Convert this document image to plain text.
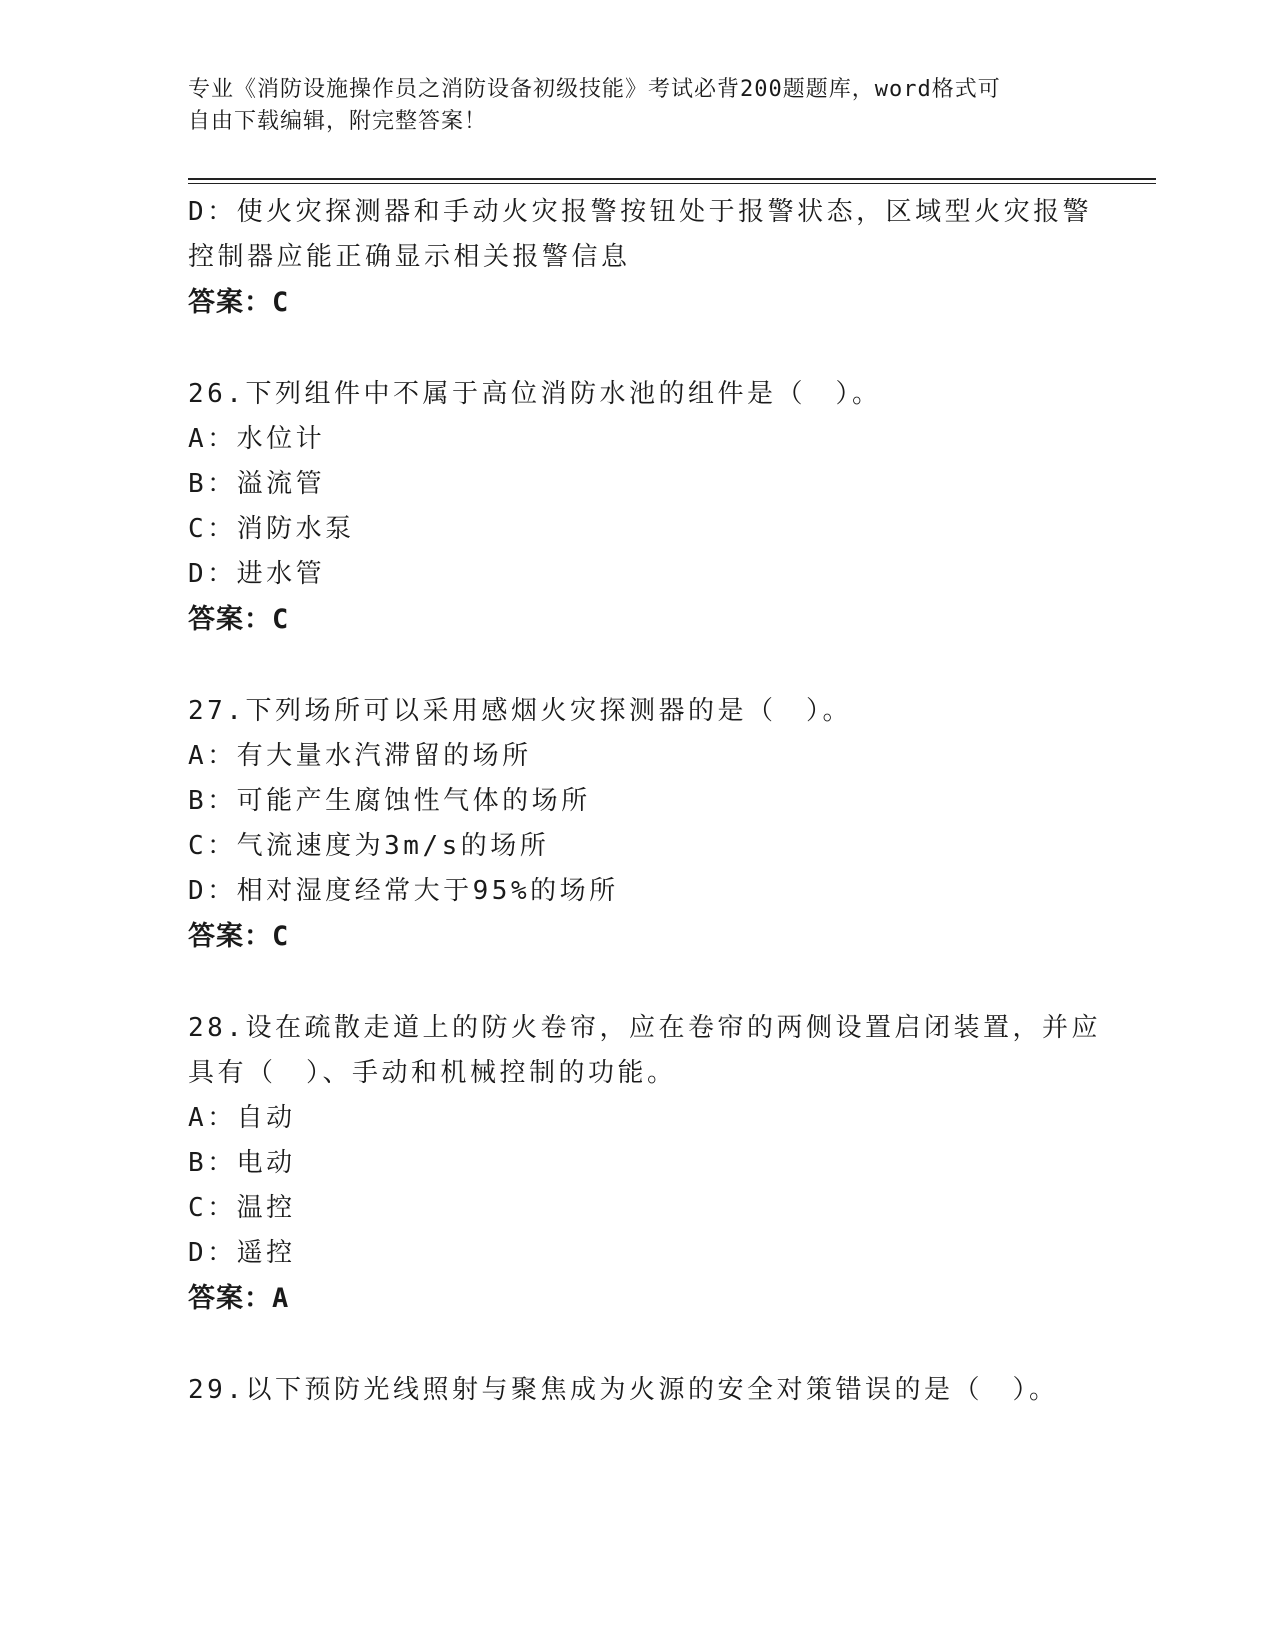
专业《消防设施操作员之消防设备初级技能》考试必背200题题库，word格式可
自由下载编辑，附完整答案！
D：使火灾探测器和手动火灾报警按钮处于报警状态，区域型火灾报警
控制器应能正确显示相关报警信息
答案：C
26.下列组件中不属于高位消防水池的组件是（　）。
A：水位计
B：溢流管
C：消防水泵
D：进水管
答案：C
27.下列场所可以采用感烟火灾探测器的是（　）。
A：有大量水汽滞留的场所
B：可能产生腐蚀性气体的场所
C：气流速度为3m/s的场所
D：相对湿度经常大于95%的场所
答案：C
28.设在疏散走道上的防火卷帘，应在卷帘的两侧设置启闭装置，并应
具有（　）、手动和机械控制的功能。
A：自动
B：电动
C：温控
D：遥控
答案：A
29.以下预防光线照射与聚焦成为火源的安全对策错误的是（　）。
